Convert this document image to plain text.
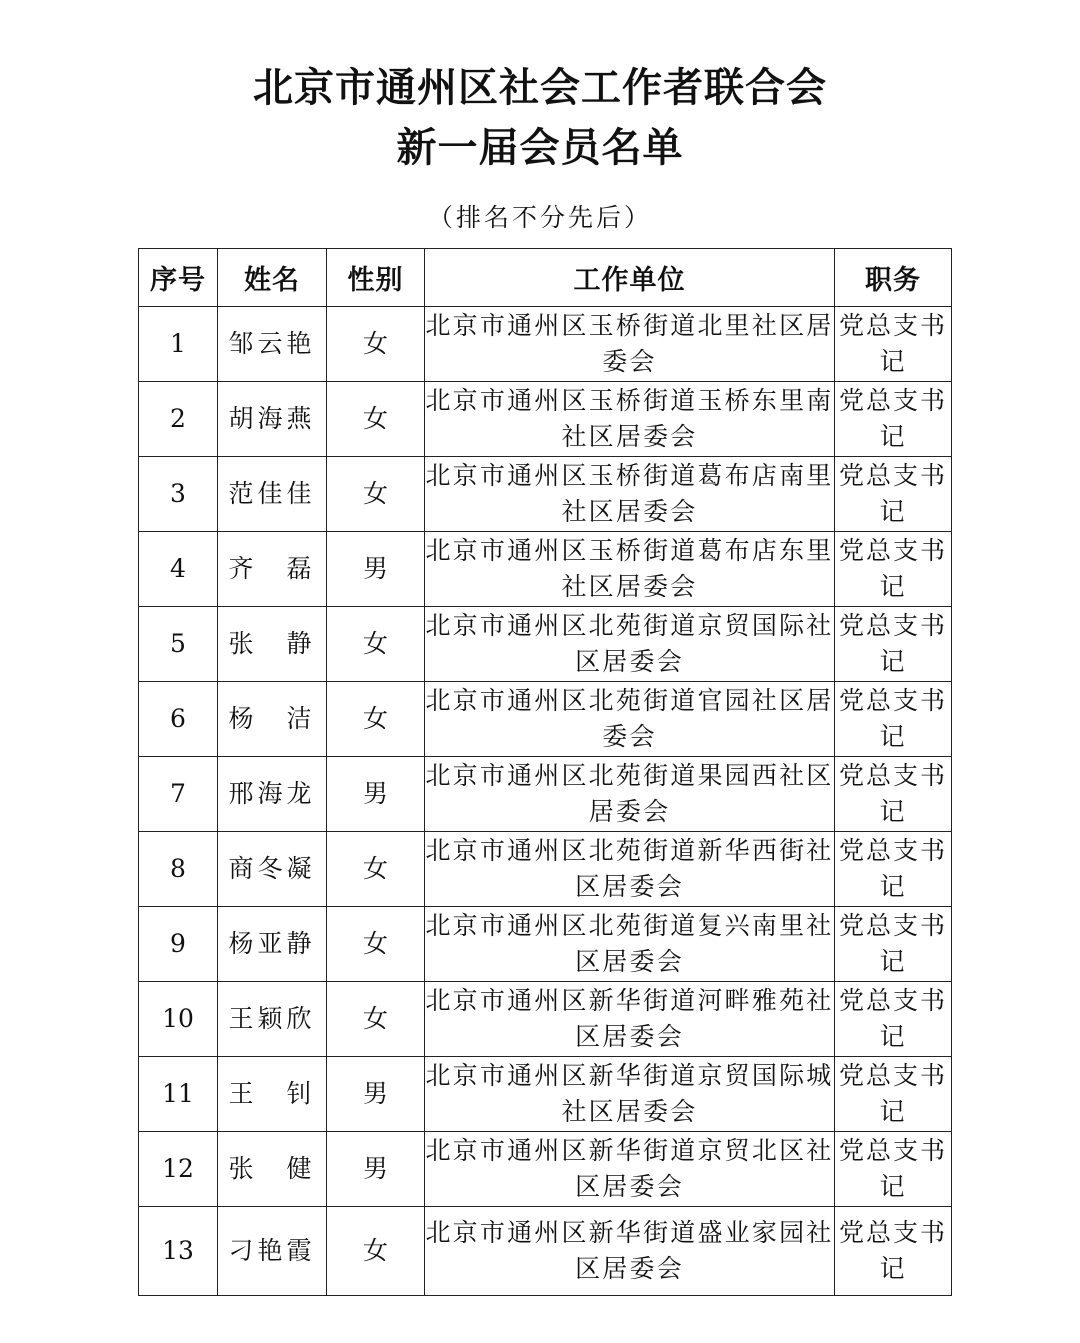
北京市通州区社会工作者联合会
新一届会员名单
（排名不分先后）
序号	姓名	性别	工作单位	职务
1	邹云艳	女	北京市通州区玉桥街道北里社区居委会	党总支书记
2	胡海燕	女	北京市通州区玉桥街道玉桥东里南社区居委会	党总支书记
3	范佳佳	女	北京市通州区玉桥街道葛布店南里社区居委会	党总支书记
4	齐　磊	男	北京市通州区玉桥街道葛布店东里社区居委会	党总支书记
5	张　静	女	北京市通州区北苑街道京贸国际社区居委会	党总支书记
6	杨　洁	女	北京市通州区北苑街道官园社区居委会	党总支书记
7	邢海龙	男	北京市通州区北苑街道果园西社区居委会	党总支书记
8	商冬凝	女	北京市通州区北苑街道新华西街社区居委会	党总支书记
9	杨亚静	女	北京市通州区北苑街道复兴南里社区居委会	党总支书记
10	王颖欣	女	北京市通州区新华街道河畔雅苑社区居委会	党总支书记
11	王　钊	男	北京市通州区新华街道京贸国际城社区居委会	党总支书记
12	张　健	男	北京市通州区新华街道京贸北区社区居委会	党总支书记
13	刁艳霞	女	北京市通州区新华街道盛业家园社区居委会	党总支书记
